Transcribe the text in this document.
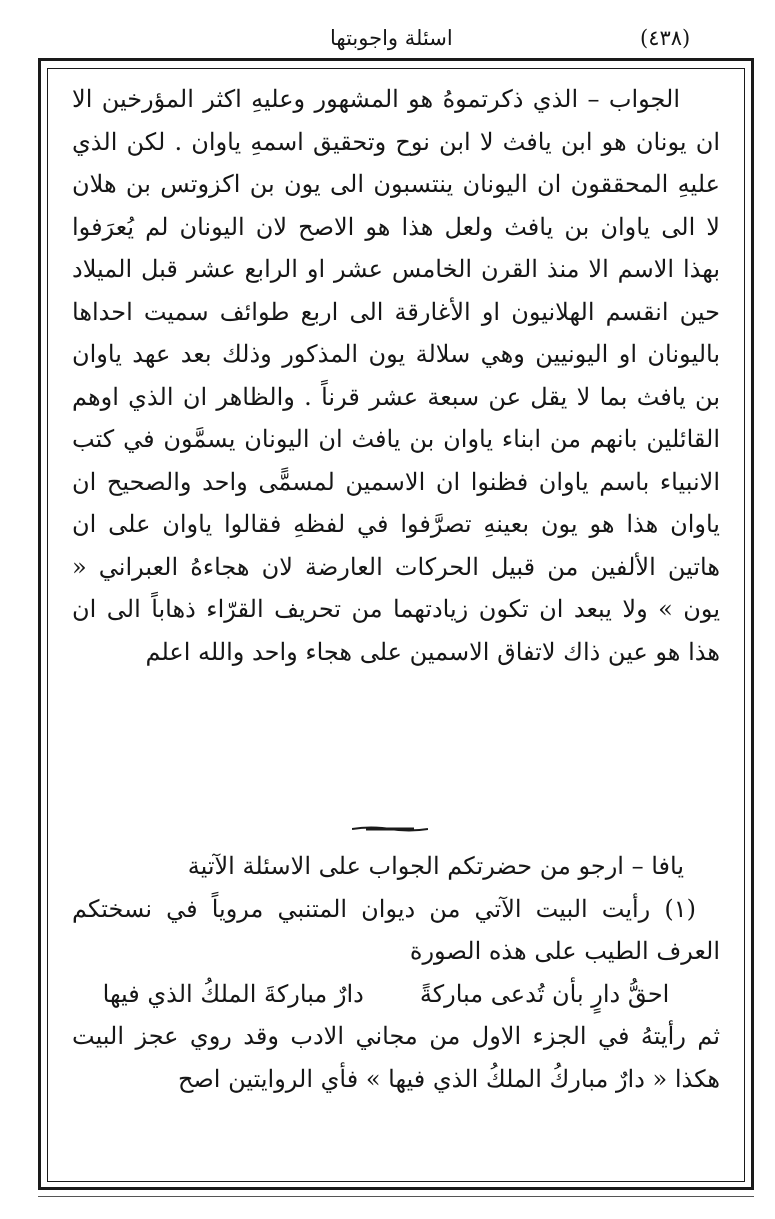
( ٤٣٨ )
اسئلة واجوبتها

الجواب – الذي ذكرتموهُ هو المشهور وعليهِ اكثر المؤرخين الا ان يونان هو ابن يافث لا ابن نوح وتحقيق اسمهِ ياوان . لكن الذي عليهِ المحققون ان اليونان ينتسبون الى يون بن اكزوتس بن هلان لا الى ياوان بن يافث ولعل هذا هو الاصح لان اليونان لم يُعرَفوا بهذا الاسم الا منذ القرن الخامس عشر او الرابع عشر قبل الميلاد حين انقسم الهلانيون او الأغارقة الى اربع طوائف سميت احداها باليونان او اليونيين وهي سلالة يون المذكور وذلك بعد عهد ياوان بن يافث بما لا يقل عن سبعة عشر قرناً . والظاهر ان الذي اوهم القائلين بانهم من ابناء ياوان بن يافث ان اليونان يسمَّون في كتب الانبياء باسم ياوان فظنوا ان الاسمين لمسمًّى واحد والصحيح ان ياوان هذا هو يون بعينهِ تصرَّفوا في لفظهِ فقالوا ياوان على ان هاتين الألفين من قبيل الحركات العارضة لان هجاءهُ العبراني « يون » ولا يبعد ان تكون زيادتهما من تحريف القرّاء ذهاباً الى ان هذا هو عين ذاك لاتفاق الاسمين على هجاء واحد والله اعلم

يافا – ارجو من حضرتكم الجواب على الاسئلة الآتية

( ١ ) رأيت البيت الآتي من ديوان المتنبي مروياً في نسختكم العرف الطيب على هذه الصورة

احقُّ دارٍ بأن تُدعى مباركةًدارٌ مباركةَ الملكُ الذي فيها

ثم رأيتهُ في الجزء الاول من مجاني الادب وقد روي عجز البيت هكذا « دارٌ مباركُ الملكُ الذي فيها » فأي الروايتين اصح
